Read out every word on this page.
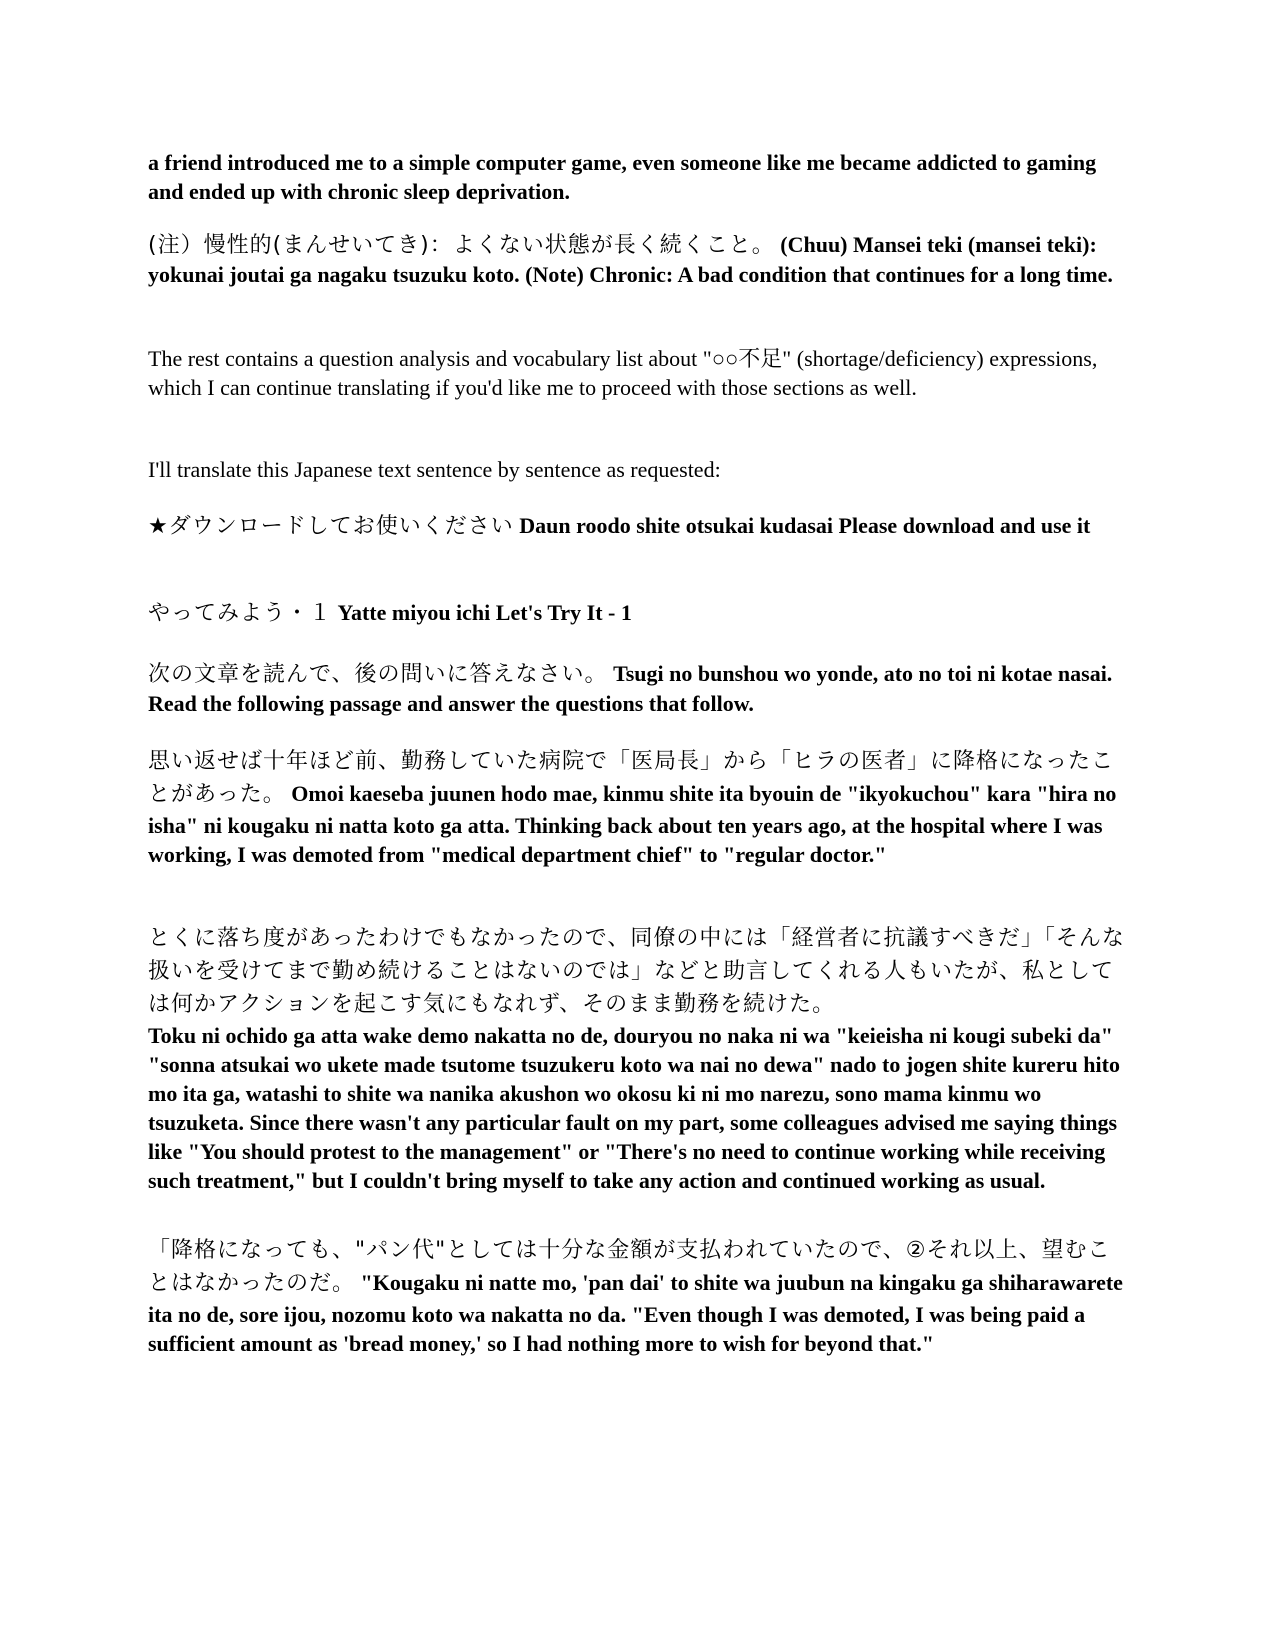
a friend introduced me to a simple computer game, even someone like me became addicted to gaming and ended up with chronic sleep deprivation.

(注）慢性的(まんせいてき)：よくない状態が長く続くこと。 (Chuu) Mansei teki (mansei teki): yokunai joutai ga nagaku tsuzuku koto. (Note) Chronic: A bad condition that continues for a long time.

The rest contains a question analysis and vocabulary list about "○○不足" (shortage/deficiency) expressions, which I can continue translating if you'd like me to proceed with those sections as well.

I'll translate this Japanese text sentence by sentence as requested:

★ダウンロードしてお使いください Daun roodo shite otsukai kudasai Please download and use it

やってみよう・１ Yatte miyou ichi Let's Try It - 1

次の文章を読んで、後の問いに答えなさい。 Tsugi no bunshou wo yonde, ato no toi ni kotae nasai. Read the following passage and answer the questions that follow.

思い返せば十年ほど前、勤務していた病院で「医局長」から「ヒラの医者」に降格になったことがあった。 Omoi kaeseba juunen hodo mae, kinmu shite ita byouin de "ikyokuchou" kara "hira no isha" ni kougaku ni natta koto ga atta. Thinking back about ten years ago, at the hospital where I was working, I was demoted from "medical department chief" to "regular doctor."

とくに落ち度があったわけでもなかったので、同僚の中には「経営者に抗議すべきだ」「そんな扱いを受けてまで勤め続けることはないのでは」などと助言してくれる人もいたが、私としては何かアクションを起こす気にもなれず、そのまま勤務を続けた。
Toku ni ochido ga atta wake demo nakatta no de, douryou no naka ni wa "keieisha ni kougi subeki da" "sonna atsukai wo ukete made tsutome tsuzukeru koto wa nai no dewa" nado to jogen shite kureru hito mo ita ga, watashi to shite wa nanika akushon wo okosu ki ni mo narezu, sono mama kinmu wo tsuzuketa. Since there wasn't any particular fault on my part, some colleagues advised me saying things like "You should protest to the management" or "There's no need to continue working while receiving such treatment," but I couldn't bring myself to take any action and continued working as usual.

「降格になっても、"パン代"としては十分な金額が支払われていたので、②それ以上、望むことはなかったのだ。 "Kougaku ni natte mo, 'pan dai' to shite wa juubun na kingaku ga shiharawarete ita no de, sore ijou, nozomu koto wa nakatta no da. "Even though I was demoted, I was being paid a sufficient amount as 'bread money,' so I had nothing more to wish for beyond that."
